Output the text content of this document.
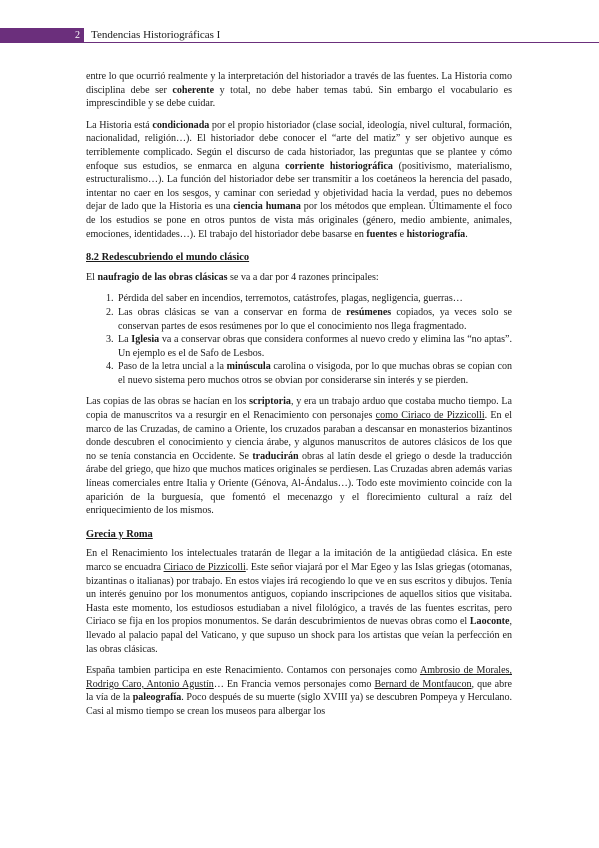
2	Tendencias Historiográficas I

entre lo que ocurrió realmente y la interpretación del historiador a través de las fuentes. La Historia como disciplina debe ser coherente y total, no debe haber temas tabú. Sin embargo el vocabulario es imprescindible y se debe cuidar.

La Historia está condicionada por el propio historiador (clase social, ideología, nivel cultural, formación, nacionalidad, religión…). El historiador debe conocer el “arte del matiz” y ser objetivo aunque es terriblemente complicado. Según el discurso de cada historiador, las preguntas que se plantee y cómo enfoque sus estudios, se enmarca en alguna corriente historiográfica (positivismo, materialismo, estructuralismo…). La función del historiador debe ser transmitir a los coetáneos la herencia del pasado, intentar no caer en los sesgos, y caminar con seriedad y objetividad hacia la verdad, pues no debemos dejar de lado que la Historia es una ciencia humana por los métodos que emplean. Últimamente el foco de los estudios se pone en otros puntos de vista más originales (género, medio ambiente, animales, emociones, identidades…). El trabajo del historiador debe basarse en fuentes e historiografía.

8.2 Redescubriendo el mundo clásico

El naufragio de las obras clásicas se va a dar por 4 razones principales:

1. Pérdida del saber en incendios, terremotos, catástrofes, plagas, negligencia, guerras…
2. Las obras clásicas se van a conservar en forma de resúmenes copiados, ya veces solo se conservan partes de esos resúmenes por lo que el conocimiento nos llega fragmentado.
3. La Iglesia va a conservar obras que considera conformes al nuevo credo y elimina las “no aptas”. Un ejemplo es el de Safo de Lesbos.
4. Paso de la letra uncial a la minúscula carolina o visigoda, por lo que muchas obras se copian con el nuevo sistema pero muchos otros se obvian por considerarse sin interés y se pierden.

Las copias de las obras se hacían en los scriptoria, y era un trabajo arduo que costaba mucho tiempo. La copia de manuscritos va a resurgir en el Renacimiento con personajes como Ciriaco de Pizzicolli. En el marco de las Cruzadas, de camino a Oriente, los cruzados paraban a descansar en monasterios bizantinos donde descubren el conocimiento y ciencia árabe, y algunos manuscritos de autores clásicos de los que no se tenía constancia en Occidente. Se traducirán obras al latín desde el griego o desde la traducción árabe del griego, que hizo que muchos matices originales se perdiesen. Las Cruzadas abren además varias líneas comerciales entre Italia y Oriente (Génova, Al-Ándalus…). Todo este movimiento coincide con la aparición de la burguesía, que fomentó el mecenazgo y el florecimiento cultural a raíz del enriquecimiento de los mismos.

Grecia y Roma

En el Renacimiento los intelectuales tratarán de llegar a la imitación de la antigüedad clásica. En este marco se encuadra Ciriaco de Pizzicolli. Este señor viajará por el Mar Egeo y las Islas griegas (otomanas, bizantinas o italianas) por trabajo. En estos viajes irá recogiendo lo que ve en sus escritos y dibujos. Tenía un interés genuino por los monumentos antiguos, copiando inscripciones de aquellos sitios que visitaba. Hasta este momento, los estudiosos estudiaban a nivel filológico, a través de las fuentes escritas, pero Ciriaco se fija en los propios monumentos. Se darán descubrimientos de nuevas obras como el Laoconte, llevado al palacio papal del Vaticano, y que supuso un shock para los artistas que veían la perfección en las obras clásicas.

España tambien participa en este Renacimiento. Contamos con personajes como Ambrosio de Morales, Rodrigo Caro, Antonio Agustín… En Francia vemos personajes como Bernard de Montfaucon, que abre la vía de la paleografía. Poco después de su muerte (siglo XVIII ya) se descubren Pompeya y Herculano. Casi al mismo tiempo se crean los museos para albergar los
